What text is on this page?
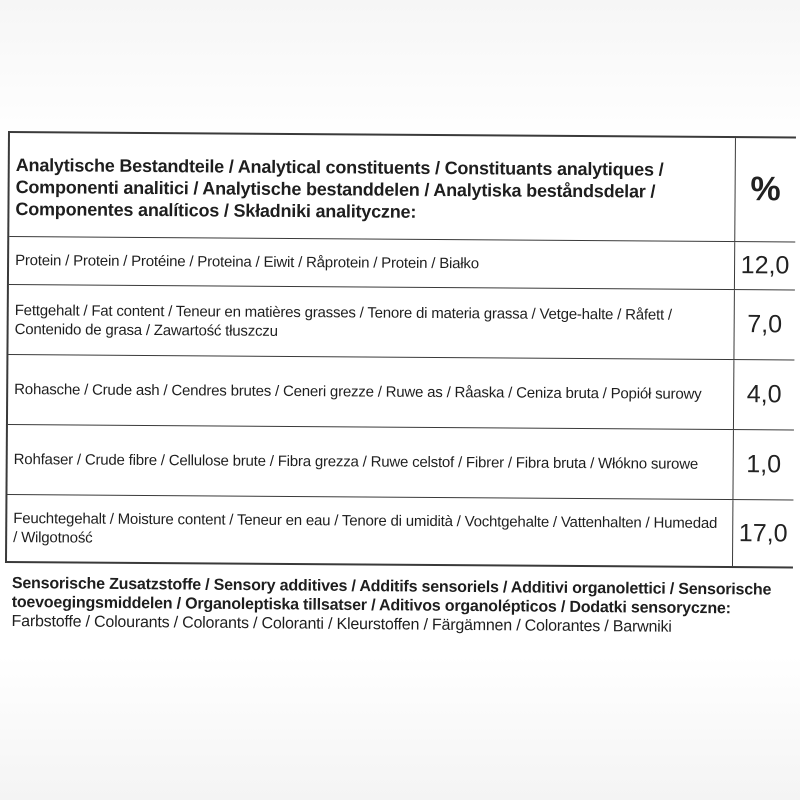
Analytische Bestandteile / Analytical constituents / Constituants analytiques / Componenti analitici / Analytische bestanddelen / Analytiska beståndsdelar / Componentes analíticos / Składniki analityczne:
%
Protein / Protein / Protéine / Proteina / Eiwit / Råprotein / Protein / Białko	12,0
Fettgehalt / Fat content / Teneur en matières grasses / Tenore di materia grassa / Vetge-halte / Råfett / Contenido de grasa / Zawartość tłuszczu	7,0
Rohasche / Crude ash / Cendres brutes / Ceneri grezze / Ruwe as / Råaska / Ceniza bruta / Popiół surowy	4,0
Rohfaser / Crude fibre / Cellulose brute / Fibra grezza / Ruwe celstof / Fibrer / Fibra bruta / Włókno surowe	1,0
Feuchtegehalt / Moisture content / Teneur en eau / Tenore di umidità / Vochtgehalte / Vattenhalten / Humedad / Wilgotność	17,0
Sensorische Zusatzstoffe / Sensory additives / Additifs sensoriels / Additivi organolettici / Sensorische toevoegingsmiddelen / Organoleptiska tillsatser / Aditivos organolépticos / Dodatki sensoryczne: Farbstoffe / Colourants / Colorants / Coloranti / Kleurstoffen / Färgämnen / Colorantes / Barwniki
